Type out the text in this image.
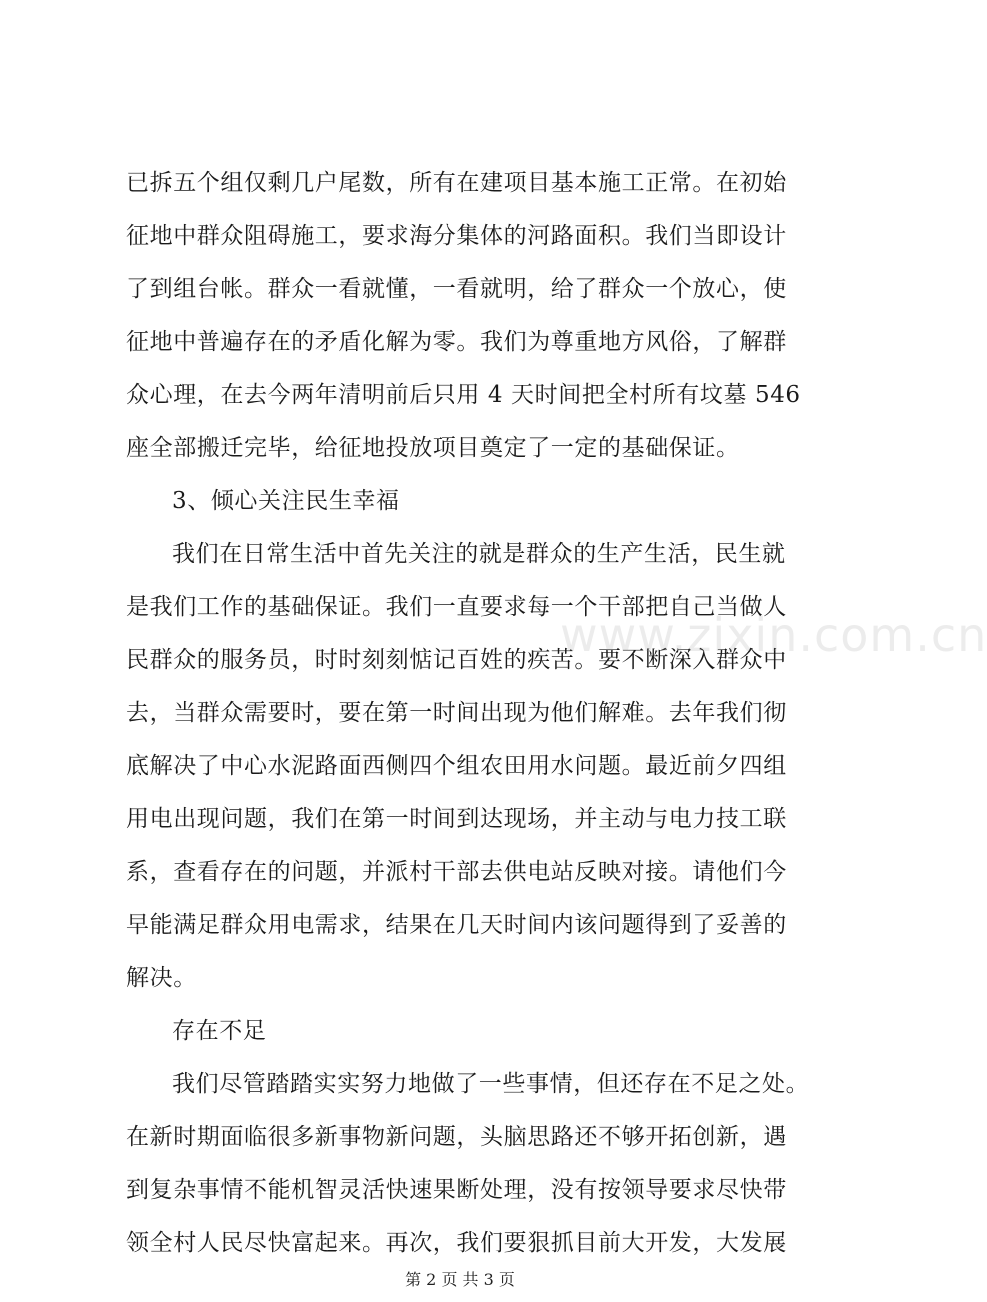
已拆五个组仅剩几户尾数，所有在建项目基本施工正常。在初始
征地中群众阻碍施工，要求海分集体的河路面积。我们当即设计
了到组台帐。群众一看就懂，一看就明，给了群众一个放心，使
征地中普遍存在的矛盾化解为零。我们为尊重地方风俗，了解群
众心理，在去今两年清明前后只用 4 天时间把全村所有坟墓 546
座全部搬迁完毕，给征地投放项目奠定了一定的基础保证。
3、倾心关注民生幸福
我们在日常生活中首先关注的就是群众的生产生活，民生就
是我们工作的基础保证。我们一直要求每一个干部把自己当做人
民群众的服务员，时时刻刻惦记百姓的疾苦。要不断深入群众中
去，当群众需要时，要在第一时间出现为他们解难。去年我们彻
底解决了中心水泥路面西侧四个组农田用水问题。最近前夕四组
用电出现问题，我们在第一时间到达现场，并主动与电力技工联
系，查看存在的问题，并派村干部去供电站反映对接。请他们今
早能满足群众用电需求，结果在几天时间内该问题得到了妥善的
解决。
存在不足
我们尽管踏踏实实努力地做了一些事情，但还存在不足之处。
在新时期面临很多新事物新问题，头脑思路还不够开拓创新，遇
到复杂事情不能机智灵活快速果断处理，没有按领导要求尽快带
领全村人民尽快富起来。再次，我们要狠抓目前大开发，大发展
www.zixin.com.cn
第 2 页 共 3 页
